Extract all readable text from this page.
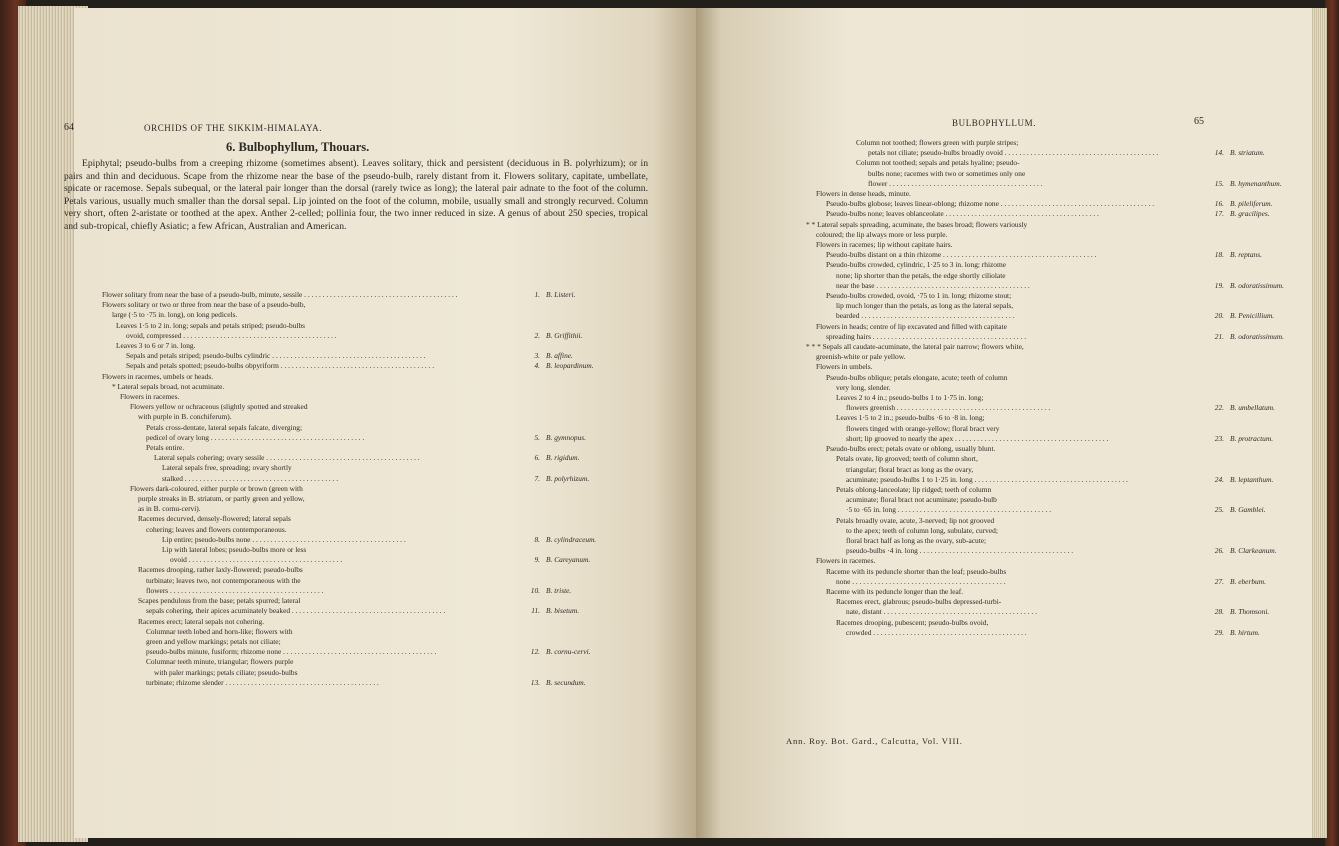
64	ORCHIDS OF THE SIKKIM-HIMALAYA.
6. Bulbophyllum, Thouars.

Epiphytal; pseudo-bulbs from a creeping rhizome (sometimes absent). Leaves solitary, thick and persistent (deciduous in B. polyrhizum); or in pairs and thin and deciduous. Scape from the rhizome near the base of the pseudo-bulb, rarely distant from it. Flowers solitary, capitate, umbellate, spicate or racemose. Sepals subequal, or the lateral pair longer than the dorsal (rarely twice as long); the lateral pair adnate to the foot of the column. Petals various, usually much smaller than the dorsal sepal. Lip jointed on the foot of the column, mobile, usually small and strongly recurved. Column very short, often 2-aristate or toothed at the apex. Anther 2-celled; pollinia four, the two inner reduced in size. A genus of about 250 species, tropical and sub-tropical, chiefly Asiatic; a few African, Australian and American.

Flower solitary from near the base of a pseudo-bulb, minute, sessile . . .	1. B. Listeri.
Flowers solitary or two or three from near the base of a pseudo-bulb,
large (·5 to ·75 in. long), on long pedicels.
Leaves 1·5 to 2 in. long; sepals and petals striped; pseudo-bulbs
ovoid, compressed . . .	2. B. Griffithii.
Leaves 3 to 6 or 7 in. long.
Sepals and petals striped; pseudo-bulbs cylindric . . .	3. B. affine.
Sepals and petals spotted; pseudo-bulbs obpyriform . . .	4. B. leopardinum.
Flowers in racemes, umbels or heads.
* Lateral sepals broad, not acuminate.
Flowers in racemes.
Flowers yellow or ochraceous (slightly spotted and streaked
with purple in B. conchiferum).
Petals cross-dentate, lateral sepals falcate, diverging;
pedicel of ovary long . . .	5. B. gymnopus.
Petals entire.
Lateral sepals cohering; ovary sessile . . .	6. B. rigidum.
Lateral sepals free, spreading; ovary shortly
stalked . . .	7. B. polyrhizum.
Flowers dark-coloured, either purple or brown (green with
purple streaks in B. striatum, or partly green and yellow,
as in B. cornu-cervi).
Racemes decurved, densely-flowered; lateral sepals
cohering; leaves and flowers contemporaneous.
Lip entire; pseudo-bulbs none . . .	8. B. cylindraceum.
Lip with lateral lobes; pseudo-bulbs more or less
ovoid . . .	9. B. Careyanum.
Racemes drooping, rather laxly-flowered; pseudo-bulbs
turbinate; leaves two, not contemporaneous with the
flowers . . .	10. B. triste.
Scapes pendulous from the base; petals spurred; lateral
sepals cohering, their apices acuminately beaked . . .	11. B. bisetum.
Racemes erect; lateral sepals not cohering.
Columnar teeth lobed and horn-like; flowers with
green and yellow markings; petals not ciliate;
pseudo-bulbs minute, fusiform; rhizome none . . .	12. B. cornu-cervi.
Columnar teeth minute, triangular; flowers purple
with paler markings; petals ciliate; pseudo-bulbs
turbinate; rhizome slender . . .	13. B. secundum.
BULBOPHYLLUM.	65
Column not toothed; flowers green with purple stripes;
petals not ciliate; pseudo-bulbs broadly ovoid . . .	14. B. striatum.
Column not toothed; sepals and petals hyaline; pseudo-
bulbs none; racemes with two or sometimes only one
flower . . .	15. B. hymenanthum.
Flowers in dense heads, minute.
Pseudo-bulbs globose; leaves linear-oblong; rhizome none . . .	16. B. pileliferum.
Pseudo-bulbs none; leaves oblanceolate . . .	17. B. gracilipes.
* * Lateral sepals spreading, acuminate, the bases broad; flowers variously
coloured; the lip always more or less purple.
Flowers in racemes; lip without capitate hairs.
Pseudo-bulbs distant on a thin rhizome . . .	18. B. reptans.
Pseudo-bulbs crowded, cylindric, 1·25 to 3 in. long; rhizome
none; lip shorter than the petals, the edge shortly ciliolate
near the base . . .	19. B. odoratissimum.
Pseudo-bulbs crowded, ovoid, ·75 to 1 in. long; rhizome stout;
lip much longer than the petals, as long as the lateral sepals,
bearded . . .	20. B. Penicillium.
Flowers in heads; centre of lip excavated and filled with capitate
spreading hairs . . .	21. B. odoratissimum.
* * * Sepals all caudate-acuminate, the lateral pair narrow; flowers white,
greenish-white or pale yellow.
Flowers in umbels.
Pseudo-bulbs oblique; petals elongate, acute; teeth of column
very long, slender.
Leaves 2 to 4 in.; pseudo-bulbs 1 to 1·75 in. long;
flowers greenish . . .	22. B. umbellatum.
Leaves 1·5 to 2 in.; pseudo-bulbs ·6 to ·8 in. long;
flowers tinged with orange-yellow; floral bract very
short; lip grooved to nearly the apex . . .	23. B. protractum.
Pseudo-bulbs erect; petals ovate or oblong, usually blunt.
Petals ovate, lip grooved; teeth of column short,
triangular; floral bract as long as the ovary,
acuminate; pseudo-bulbs 1 to 1·25 in. long . . .	24. B. leptanthum.
Petals oblong-lanceolate; lip ridged; teeth of column
acuminate; floral bract not acuminate; pseudo-bulb
·5 to ·65 in. long . . .	25. B. Gamblei.
Petals broadly ovate, acute, 3-nerved; lip not grooved
to the apex; teeth of column long, subulate, curved;
floral bract half as long as the ovary, sub-acute;
pseudo-bulbs ·4 in. long . . .	26. B. Clarkeanum.
Flowers in racemes.
Raceme with its peduncle shorter than the leaf; pseudo-bulbs
none . . .	27. B. eberbum.
Raceme with its peduncle longer than the leaf.
Racemes erect, glabrous; pseudo-bulbs depressed-turbi-
nate, distant . . .	28. B. Thomsoni.
Racemes drooping, pubescent; pseudo-bulbs ovoid,
crowded . . .	29. B. hirtum.
Ann. Roy. Bot. Gard., Calcutta, Vol. VIII.
